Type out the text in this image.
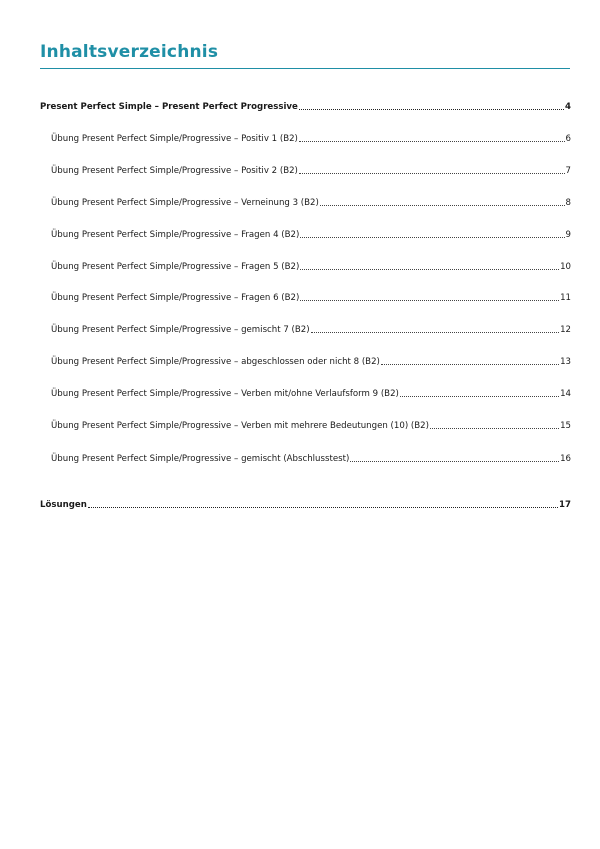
Inhaltsverzeichnis
Present Perfect Simple – Present Perfect Progressive	4
Übung Present Perfect Simple/Progressive – Positiv 1 (B2)	6
Übung Present Perfect Simple/Progressive – Positiv 2 (B2)	7
Übung Present Perfect Simple/Progressive – Verneinung 3 (B2)	8
Übung Present Perfect Simple/Progressive – Fragen 4 (B2)	9
Übung Present Perfect Simple/Progressive – Fragen 5 (B2)	10
Übung Present Perfect Simple/Progressive – Fragen 6 (B2)	11
Übung Present Perfect Simple/Progressive – gemischt 7 (B2)	12
Übung Present Perfect Simple/Progressive – abgeschlossen oder nicht 8 (B2)	13
Übung Present Perfect Simple/Progressive – Verben mit/ohne Verlaufsform 9 (B2)	14
Übung Present Perfect Simple/Progressive – Verben mit mehrere Bedeutungen (10) (B2)	15
Übung Present Perfect Simple/Progressive – gemischt (Abschlusstest)	16
Lösungen	17
